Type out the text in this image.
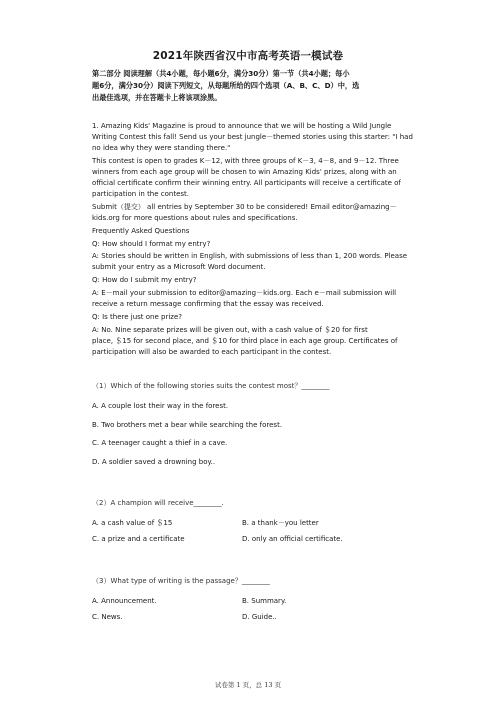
2021年陕西省汉中市高考英语一模试卷
第二部分 阅读理解（共4小题，每小题6分，满分30分）第一节（共4小题；每小
题6分，满分30分）阅读下列短文，从每题所给的四个选项（A、B、C、D）中，选
出最佳选项，并在答题卡上将该项涂黑。
1. Amazing Kids' Magazine is proud to announce that we will be hosting a Wild Jungle
Writing Contest this fall! Send us your best jungle－themed stories using this starter: "I had
no idea why they were standing there."
This contest is open to grades K－12, with three groups of K－3, 4－8, and 9－12. Three
winners from each age group will be chosen to win Amazing Kids' prizes, along with an
official certificate confirm their winning entry. All participants will receive a certificate of
participation in the contest.
Submit（提交） all entries by September 30 to be considered! Email editor@amazing－
kids.org for more questions about rules and specifications.
Frequently Asked Questions
Q: How should I format my entry?
A: Stories should be written in English, with submissions of less than 1, 200 words. Please
submit your entry as a Microsoft Word document.
Q: How do I submit my entry?
A: E－mail your submission to editor@amazing－kids.org. Each e－mail submission will
receive a return message confirming that the essay was received.
Q: Is there just one prize?
A: No. Nine separate prizes will be given out, with a cash value of ＄20 for first
place, ＄15 for second place, and ＄10 for third place in each age group. Certificates of
participation will also be awarded to each participant in the contest.
（1）Which of the following stories suits the contest most？________
A. A couple lost their way in the forest.
B. Two brothers met a bear while searching the forest.
C. A teenager caught a thief in a cave.
D. A soldier saved a drowning boy..
（2）A champion will receive________.
A. a cash value of ＄15	B. a thank－you letter
C. a prize and a certificate	D. only an official certificate.
（3）What type of writing is the passage？________
A. Announcement.	B. Summary.
C. News.	D. Guide..
试卷第 1 页，总 13 页
